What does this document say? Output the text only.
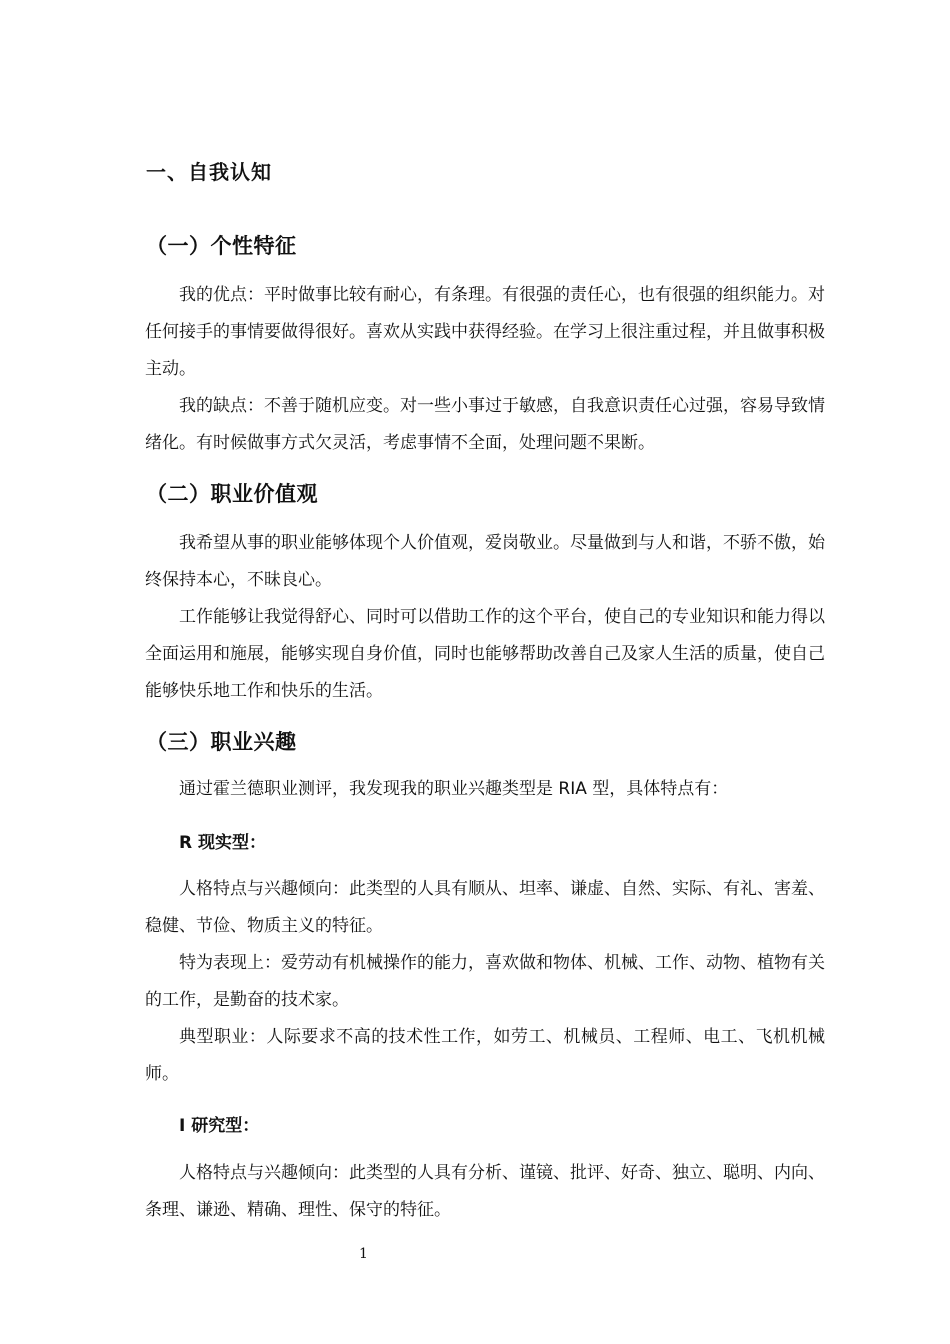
一、自我认知
（一）个性特征

我的优点：平时做事比较有耐心，有条理。有很强的责任心，也有很强的组织能力。对任何接手的事情要做得很好。喜欢从实践中获得经验。在学习上很注重过程，并且做事积极主动。

我的缺点：不善于随机应变。对一些小事过于敏感，自我意识责任心过强，容易导致情绪化。有时候做事方式欠灵活，考虑事情不全面，处理问题不果断。

（二）职业价值观

我希望从事的职业能够体现个人价值观，爱岗敬业。尽量做到与人和谐，不骄不傲，始终保持本心，不昧良心。

工作能够让我觉得舒心、同时可以借助工作的这个平台，使自己的专业知识和能力得以全面运用和施展，能够实现自身价值，同时也能够帮助改善自己及家人生活的质量，使自己能够快乐地工作和快乐的生活。

（三）职业兴趣

通过霍兰德职业测评，我发现我的职业兴趣类型是 RIA 型，具体特点有：

R 现实型：

人格特点与兴趣倾向：此类型的人具有顺从、坦率、谦虚、自然、实际、有礼、害羞、稳健、节俭、物质主义的特征。

特为表现上：爱劳动有机械操作的能力，喜欢做和物体、机械、工作、动物、植物有关的工作，是勤奋的技术家。

典型职业：人际要求不高的技术性工作，如劳工、机械员、工程师、电工、飞机机械师。

I 研究型：

人格特点与兴趣倾向：此类型的人具有分析、谨镜、批评、好奇、独立、聪明、内向、条理、谦逊、精确、理性、保守的特征。

1
